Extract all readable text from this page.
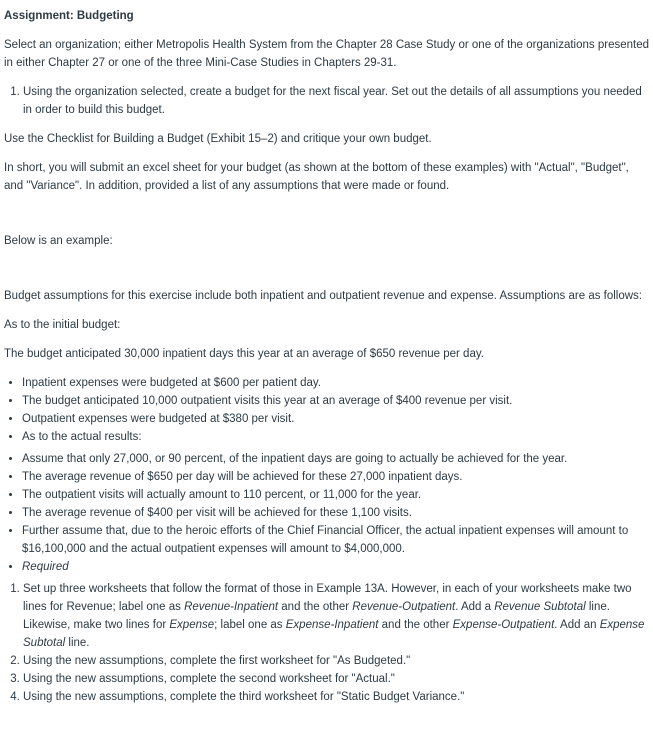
Assignment: Budgeting

Select an organization; either Metropolis Health System from the Chapter 28 Case Study or one of the organizations presented in either Chapter 27 or one of the three Mini-Case Studies in Chapters 29-31.

1. Using the organization selected, create a budget for the next fiscal year. Set out the details of all assumptions you needed in order to build this budget.

Use the Checklist for Building a Budget (Exhibit 15–2) and critique your own budget.

In short, you will submit an excel sheet for your budget (as shown at the bottom of these examples) with "Actual", "Budget", and "Variance". In addition, provided a list of any assumptions that were made or found.

Below is an example:

Budget assumptions for this exercise include both inpatient and outpatient revenue and expense. Assumptions are as follows:

As to the initial budget:

The budget anticipated 30,000 inpatient days this year at an average of $650 revenue per day.

• Inpatient expenses were budgeted at $600 per patient day.
• The budget anticipated 10,000 outpatient visits this year at an average of $400 revenue per visit.
• Outpatient expenses were budgeted at $380 per visit.
• As to the actual results:
• Assume that only 27,000, or 90 percent, of the inpatient days are going to actually be achieved for the year.
• The average revenue of $650 per day will be achieved for these 27,000 inpatient days.
• The outpatient visits will actually amount to 110 percent, or 11,000 for the year.
• The average revenue of $400 per visit will be achieved for these 1,100 visits.
• Further assume that, due to the heroic efforts of the Chief Financial Officer, the actual inpatient expenses will amount to $16,100,000 and the actual outpatient expenses will amount to $4,000,000.
• Required
1. Set up three worksheets that follow the format of those in Example 13A. However, in each of your worksheets make two lines for Revenue; label one as Revenue-Inpatient and the other Revenue-Outpatient. Add a Revenue Subtotal line. Likewise, make two lines for Expense; label one as Expense-Inpatient and the other Expense-Outpatient. Add an Expense Subtotal line.
2. Using the new assumptions, complete the first worksheet for "As Budgeted."
3. Using the new assumptions, complete the second worksheet for "Actual."
4. Using the new assumptions, complete the third worksheet for "Static Budget Variance."
